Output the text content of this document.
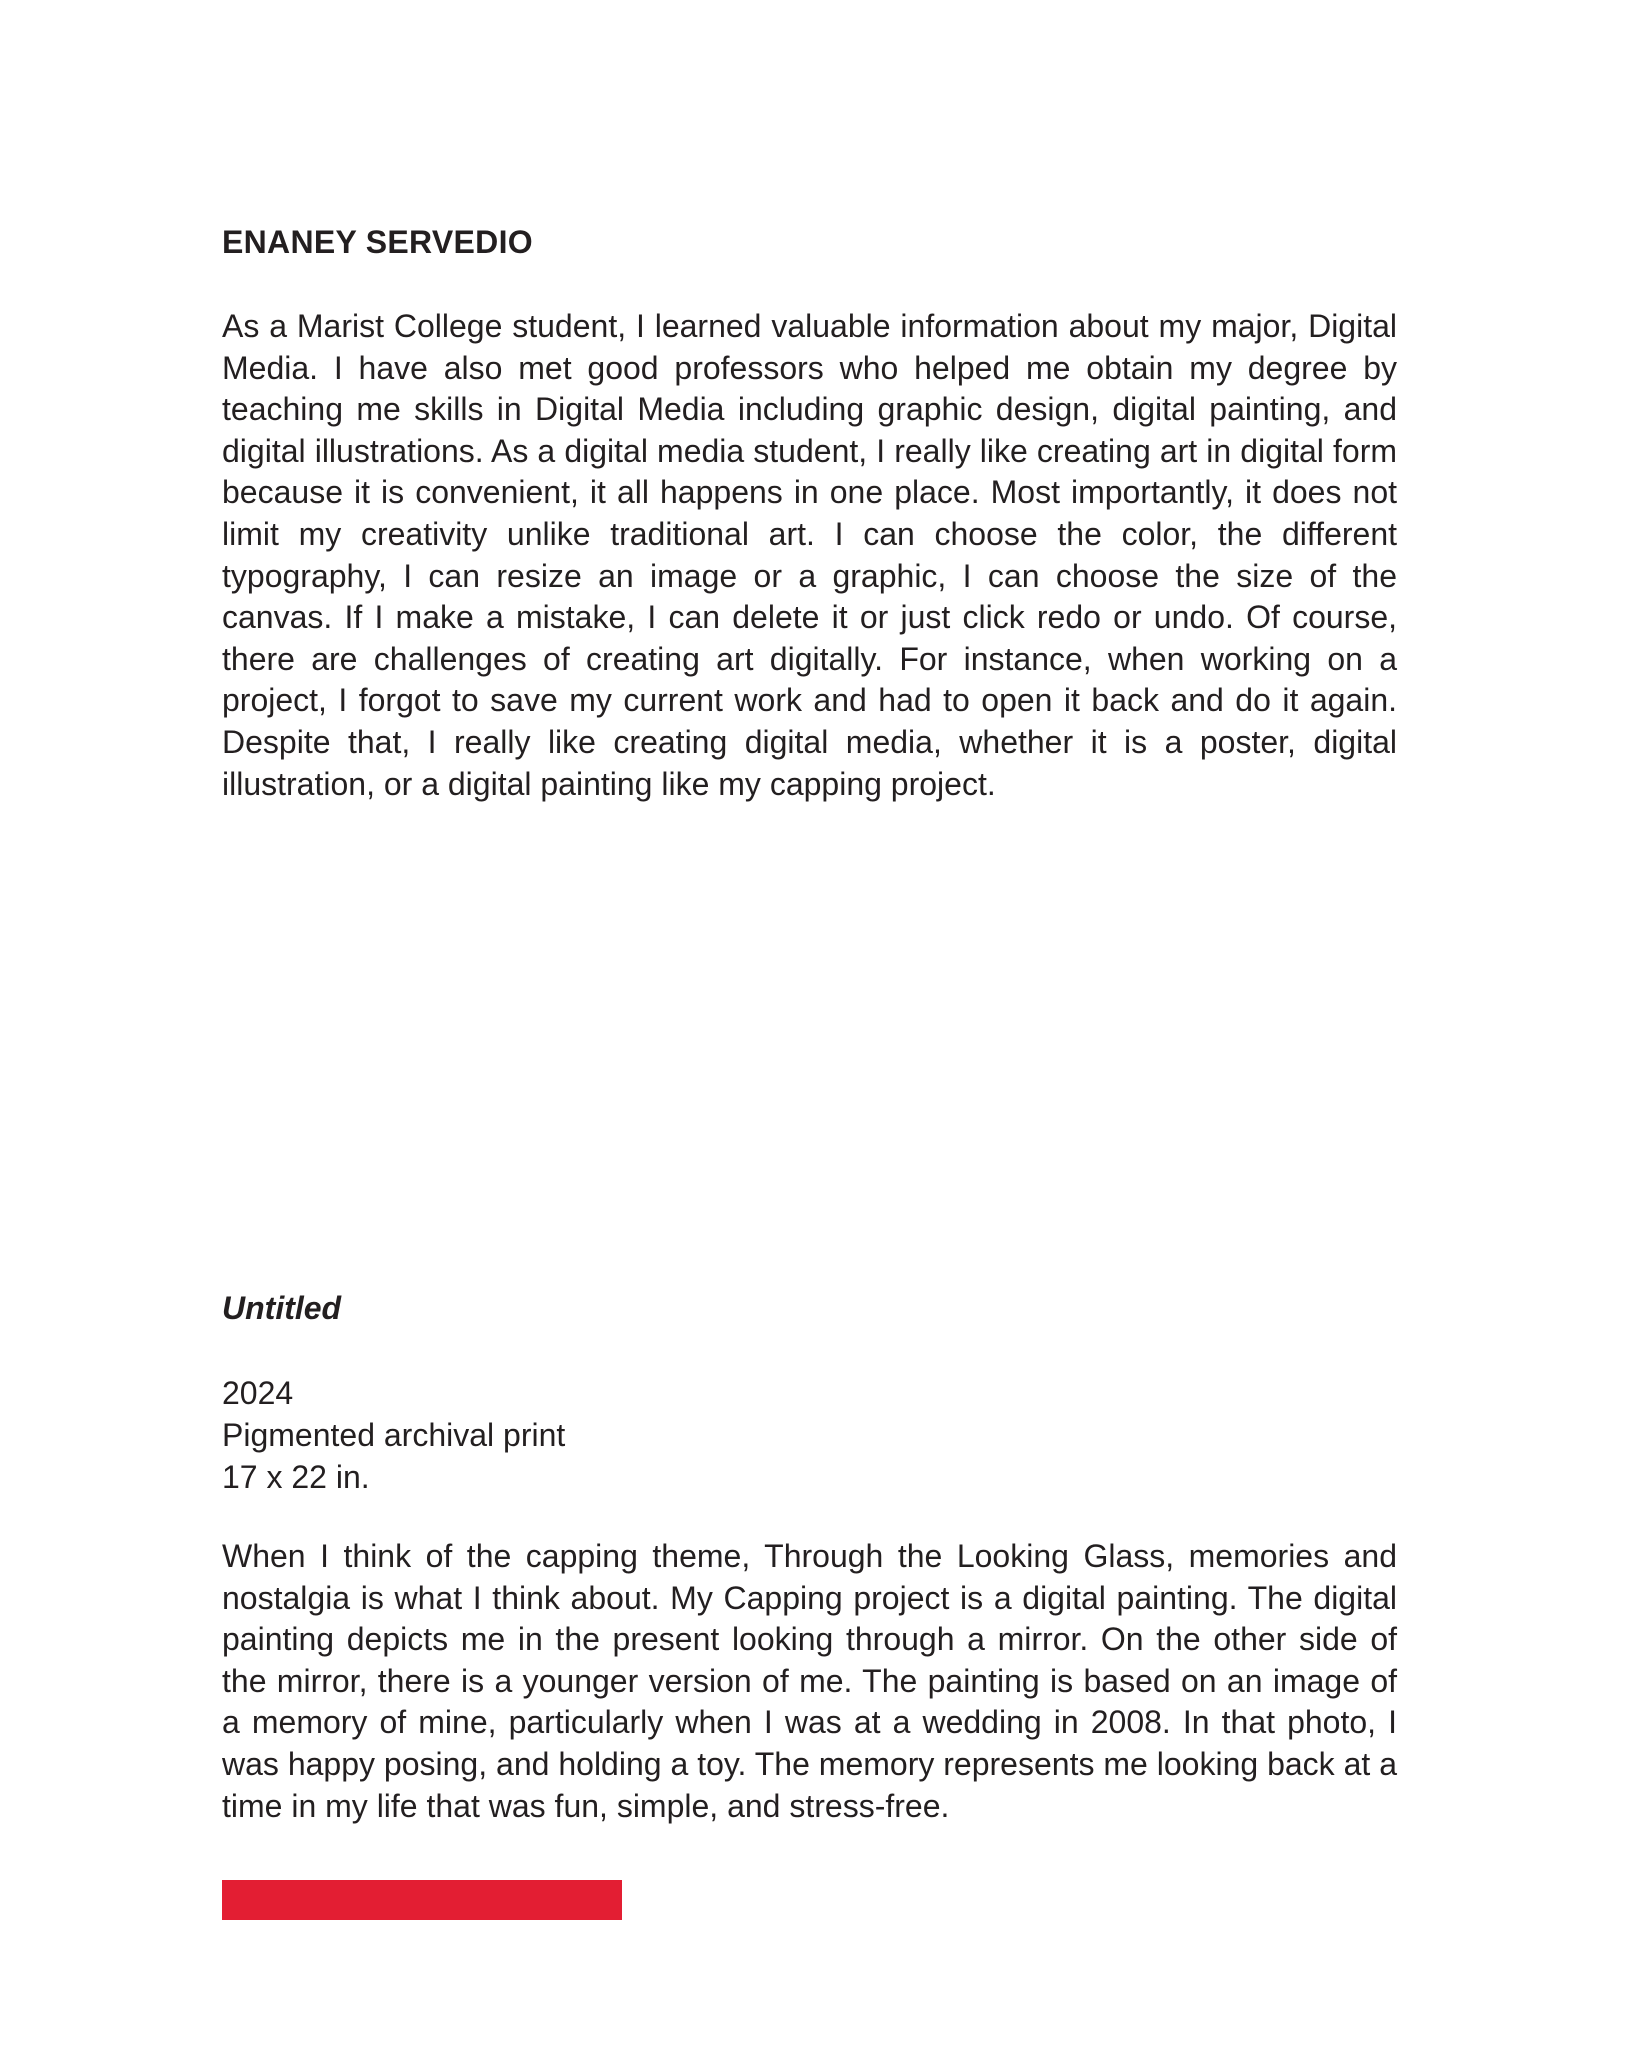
ENANEY SERVEDIO

As a Marist College student, I learned valuable information about my major, Digital Media. I have also met good professors who helped me obtain my degree by teaching me skills in Digital Media including graphic design, digital painting, and digital illustrations. As a digital media student, I really like creating art in digital form because it is convenient, it all happens in one place. Most importantly, it does not limit my creativity unlike traditional art. I can choose the color, the different typography, I can resize an image or a graphic, I can choose the size of the canvas. If I make a mistake, I can delete it or just click redo or undo. Of course, there are challenges of creating art digitally. For instance, when working on a project, I forgot to save my current work and had to open it back and do it again. Despite that, I really like creating digital media, whether it is a poster, digital illustration, or a digital painting like my capping project.

Untitled
2024
Pigmented archival print
17 x 22 in.

When I think of the capping theme, Through the Looking Glass, memories and nostalgia is what I think about. My Capping project is a digital painting. The digital painting depicts me in the present looking through a mirror. On the other side of the mirror, there is a younger version of me. The painting is based on an image of a memory of mine, particularly when I was at a wedding in 2008. In that photo, I was happy posing, and holding a toy. The memory represents me looking back at a time in my life that was fun, simple, and stress-free.
